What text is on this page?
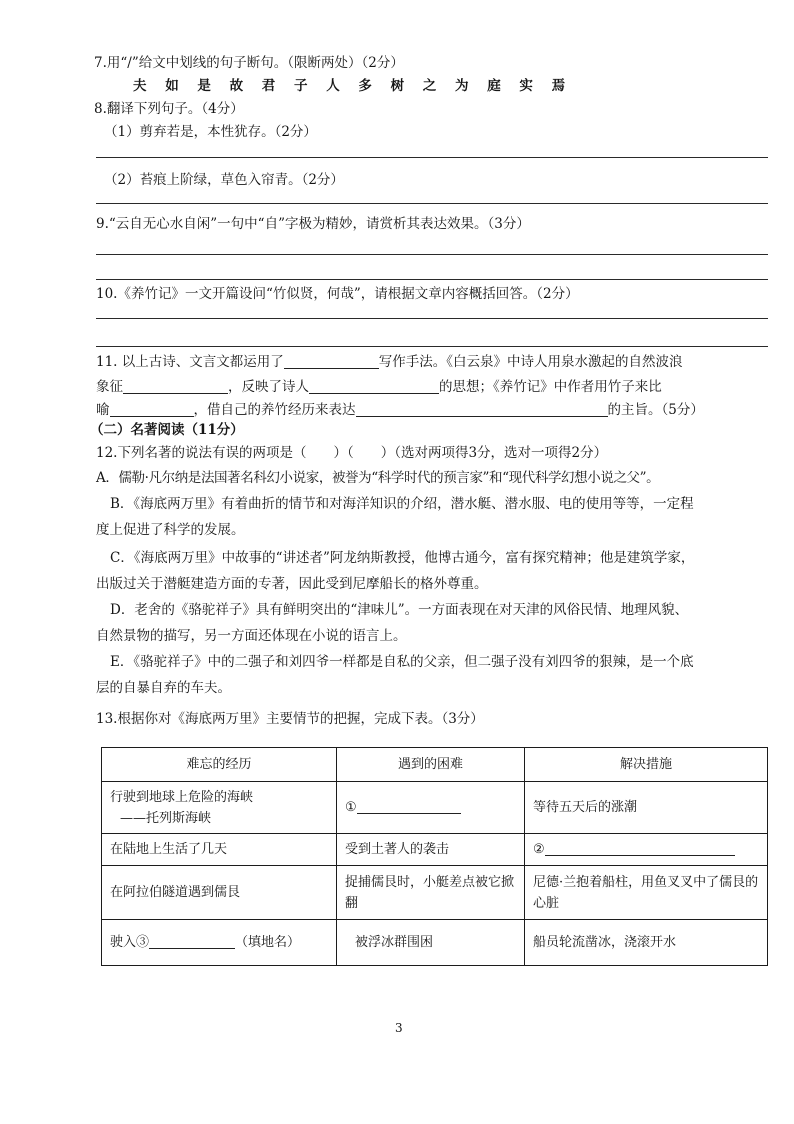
7.用“/”给文中划线的句子断句。（限断两处）（2分）
夫 如 是 故 君 子 人 多 树 之 为 庭 实 焉
8.翻译下列句子。（4分）
（1）剪弃若是，本性犹存。（2分）
（2）苔痕上阶绿，草色入帘青。（2分）
9.“云自无心水自闲”一句中“自”字极为精妙，请赏析其表达效果。（3分）
10.《养竹记》一文开篇设问“竹似贤，何哉”，请根据文章内容概括回答。（2分）
11. 以上古诗、文言文都运用了	写作手法。《白云泉》中诗人用泉水激起的自然波浪
象征	，反映了诗人	的思想；《养竹记》中作者用竹子来比
喻	，借自己的养竹经历来表达	的主旨。（5分）
（二）名著阅读（11分）
12.下列名著的说法有误的两项是（　　）（　　）（选对两项得3分，选对一项得2分）
A．儒勒·凡尔纳是法国著名科幻小说家，被誉为“科学时代的预言家”和“现代科学幻想小说之父”。
B．《海底两万里》有着曲折的情节和对海洋知识的介绍，潜水艇、潜水服、电的使用等等，一定程
度上促进了科学的发展。
C．《海底两万里》中故事的“讲述者”阿龙纳斯教授，他博古通今，富有探究精神；他是建筑学家，
出版过关于潜艇建造方面的专著，因此受到尼摩船长的格外尊重。
D．老舍的《骆驼祥子》具有鲜明突出的“津味儿”。一方面表现在对天津的风俗民情、地理风貌、
自然景物的描写，另一方面还体现在小说的语言上。
E．《骆驼祥子》中的二强子和刘四爷一样都是自私的父亲，但二强子没有刘四爷的狠辣，是一个底
层的自暴自弃的车夫。
13.根据你对《海底两万里》主要情节的把握，完成下表。（3分）
难忘的经历	遇到的困难	解决措施

行驶到地球上危险的海峡
——托列斯海峡	①	等待五天后的涨潮
在陆地上生活了几天	受到土著人的袭击	②
在阿拉伯隧道遇到儒艮	捉捕儒艮时，小艇差点被它掀翻	尼德·兰抱着船柱，用鱼叉叉中了儒艮的心脏
驶入③ （填地名）	被浮冰群围困	船员轮流凿冰，浇滚开水
3
